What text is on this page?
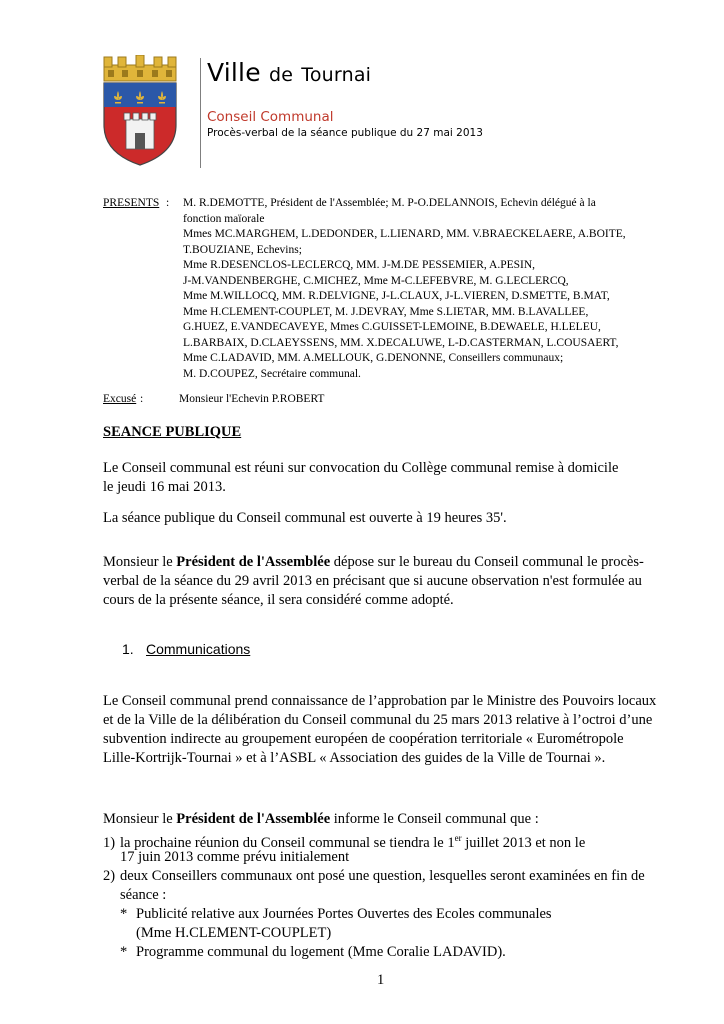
Ville de Tournai
Conseil Communal
Procès-verbal de la séance publique du 27 mai 2013
PRESENTS : M. R.DEMOTTE, Président de l'Assemblée; M. P-O.DELANNOIS, Echevin délégué à la
fonction maïorale
Mmes MC.MARGHEM, L.DEDONDER, L.LIENARD, MM. V.BRAECKELAERE, A.BOITE,
T.BOUZIANE, Echevins;
Mme R.DESENCLOS-LECLERCQ, MM. J-M.DE PESSEMIER, A.PESIN,
J-M.VANDENBERGHE, C.MICHEZ, Mme M-C.LEFEBVRE, M. G.LECLERCQ,
Mme M.WILLOCQ, MM. R.DELVIGNE, J-L.CLAUX, J-L.VIEREN, D.SMETTE, B.MAT,
Mme H.CLEMENT-COUPLET, M. J.DEVRAY, Mme S.LIETAR, MM. B.LAVALLEE,
G.HUEZ, E.VANDECAVEYE, Mmes C.GUISSET-LEMOINE, B.DEWAELE, H.LELEU,
L.BARBAIX, D.CLAEYSSENS, MM. X.DECALUWE, L-D.CASTERMAN, L.COUSAERT,
Mme C.LADAVID, MM. A.MELLOUK, G.DENONNE, Conseillers communaux;
M. D.COUPEZ, Secrétaire communal.
Excusé :	Monsieur l'Echevin P.ROBERT
SEANCE PUBLIQUE
Le Conseil communal est réuni sur convocation du Collège communal remise à domicile
le jeudi 16 mai 2013.
La séance publique du Conseil communal est ouverte à 19 heures 35'.
Monsieur le Président de l'Assemblée dépose sur le bureau du Conseil communal le procès-verbal de la séance du 29 avril 2013 en précisant que si aucune observation n'est formulée au cours de la présente séance, il sera considéré comme adopté.
1. Communications
Le Conseil communal prend connaissance de l’approbation par le Ministre des Pouvoirs locaux et de la Ville de la délibération du Conseil communal du 25 mars 2013 relative à l’octroi d’une subvention indirecte au groupement européen de coopération territoriale « Eurométropole Lille-Kortrijk-Tournai » et à l’ASBL « Association des guides de la Ville de Tournai ».
Monsieur le Président de l'Assemblée informe le Conseil communal que :
1) la prochaine réunion du Conseil communal se tiendra le 1er juillet 2013 et non le
17 juin 2013 comme prévu initialement
2) deux Conseillers communaux ont posé une question, lesquelles seront examinées en fin de
séance :
* Publicité relative aux Journées Portes Ouvertes des Ecoles communales
(Mme H.CLEMENT-COUPLET)
* Programme communal du logement (Mme Coralie LADAVID).
1
